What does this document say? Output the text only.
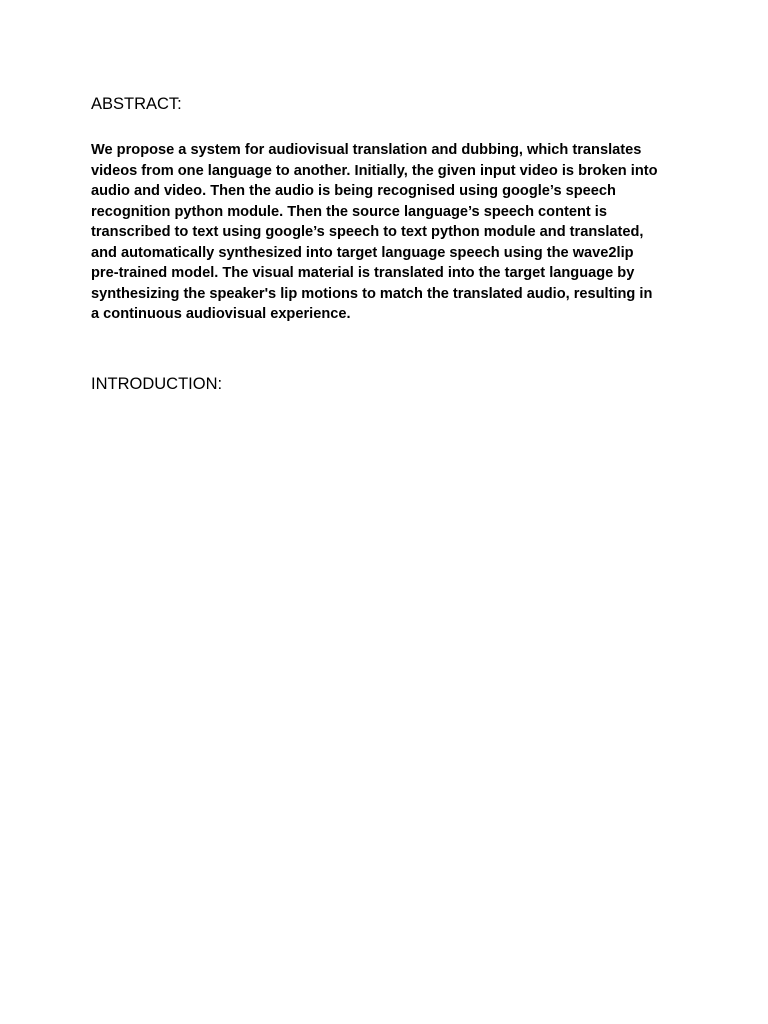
ABSTRACT:

We propose a system for audiovisual translation and dubbing, which translates
videos from one language to another. Initially, the given input video is broken into
audio and video. Then the audio is being recognised using google’s speech
recognition python module. Then the source language’s speech content is
transcribed to text using google’s speech to text python module and translated,
and automatically synthesized into target language speech using the wave2lip
pre-trained model. The visual material is translated into the target language by
synthesizing the speaker's lip motions to match the translated audio, resulting in
a continuous audiovisual experience.

INTRODUCTION:
